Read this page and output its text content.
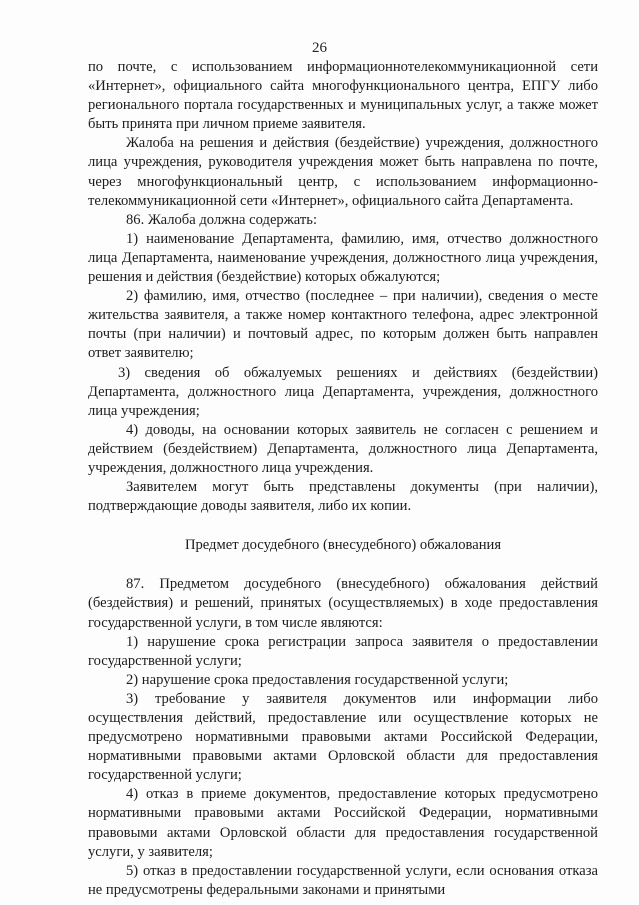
26

по почте, с использованием информационнотелекоммуникационной сети «Интернет», официального сайта многофункционального центра, ЕПГУ либо регионального портала государственных и муниципальных услуг, а также может быть принята при личном приеме заявителя.

Жалоба на решения и действия (бездействие) учреждения, должностного лица учреждения, руководителя учреждения может быть направлена по почте, через многофункциональный центр, с использованием информационно-телекоммуникационной сети «Интернет», официального сайта Департамента.

86. Жалоба должна содержать:

1) наименование Департамента, фамилию, имя, отчество должностного лица Департамента, наименование учреждения, должностного лица учреждения, решения и действия (бездействие) которых обжалуются;

2) фамилию, имя, отчество (последнее – при наличии), сведения о месте жительства заявителя, а также номер контактного телефона, адрес электронной почты (при наличии) и почтовый адрес, по которым должен быть направлен ответ заявителю;

3) сведения об обжалуемых решениях и действиях (бездействии) Департамента, должностного лица Департамента, учреждения, должностного лица учреждения;

4) доводы, на основании которых заявитель не согласен с решением и действием (бездействием) Департамента, должностного лица Департамента, учреждения, должностного лица учреждения.

Заявителем могут быть представлены документы (при наличии), подтверждающие доводы заявителя, либо их копии.

Предмет досудебного (внесудебного) обжалования

87. Предметом досудебного (внесудебного) обжалования действий (бездействия) и решений, принятых (осуществляемых) в ходе предоставления государственной услуги, в том числе являются:

1) нарушение срока регистрации запроса заявителя о предоставлении государственной услуги;

2) нарушение срока предоставления государственной услуги;

3) требование у заявителя документов или информации либо осуществления действий, предоставление или осуществление которых не предусмотрено нормативными правовыми актами Российской Федерации, нормативными правовыми актами Орловской области для предоставления государственной услуги;

4) отказ в приеме документов, предоставление которых предусмотрено нормативными правовыми актами Российской Федерации, нормативными правовыми актами Орловской области для предоставления государственной услуги, у заявителя;

5) отказ в предоставлении государственной услуги, если основания отказа не предусмотрены федеральными законами и принятыми
